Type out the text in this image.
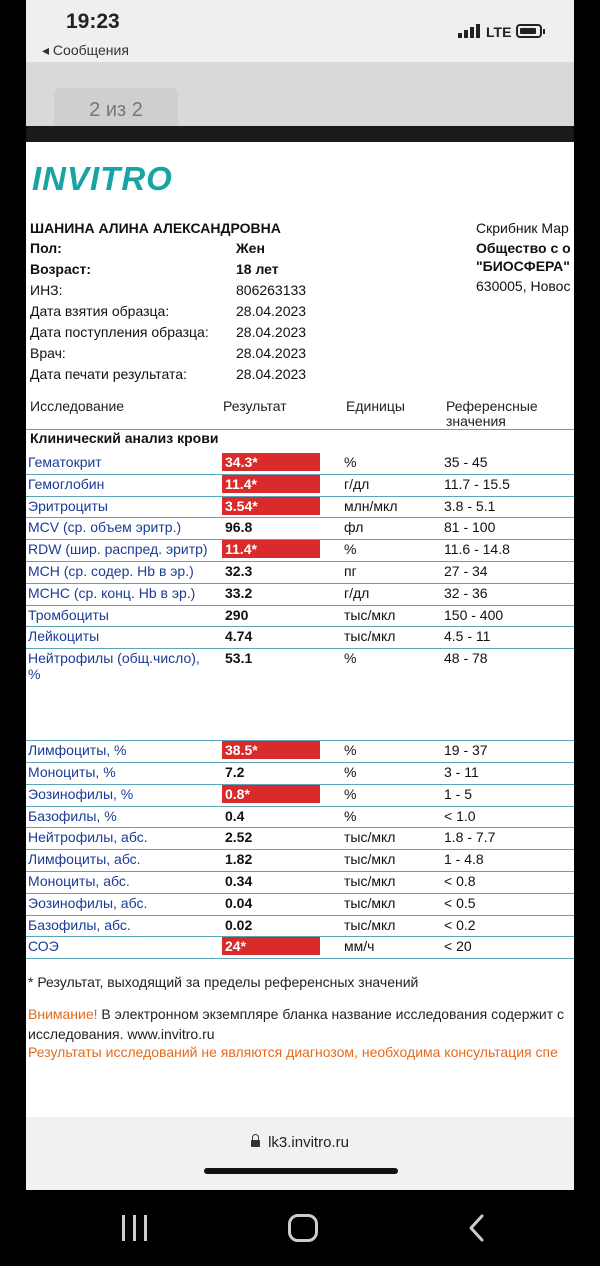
19:23
◂ Сообщения
LTE
2 из 2
INVITRO
ШАНИНА АЛИНА АЛЕКСАНДРОВНА
Пол:	Жен
Возраст:	18 лет
ИНЗ:	806263133
Дата взятия образца:	28.04.2023
Дата поступления образца: 28.04.2023
Врач:	28.04.2023
Дата печати результата:	28.04.2023
Скрибник Мар
Общество с о
"БИОСФЕРА"
630005, Новос
Исследование	Результат	Единицы	Референсные
значения
Клинический анализ крови
Гематокрит	34.3*	%	35 - 45
Гемоглобин	11.4*	г/дл	11.7 - 15.5
Эритроциты	3.54*	млн/мкл	3.8 - 5.1
MCV (ср. объем эритр.)	96.8	фл	81 - 100
RDW (шир. распред. эритр) 11.4*	%	11.6 - 14.8
MCH (ср. содер. Hb в эр.) 32.3	пг	27 - 34
MCHC (ср. конц. Hb в эр.) 33.2	г/дл	32 - 36
Тромбоциты	290	тыс/мкл	150 - 400
Лейкоциты	4.74	тыс/мкл	4.5 - 11
Нейтрофилы (общ.число),
%
53.1	%	48 - 78
Лимфоциты, %	38.5*	%	19 - 37
Моноциты, %	7.2	%	3 - 11
Эозинофилы, %	0.8*	%	1 - 5
Базофилы, %	0.4	%	< 1.0
Нейтрофилы, абс.	2.52	тыс/мкл	1.8 - 7.7
Лимфоциты, абс.	1.82	тыс/мкл	1 - 4.8
Моноциты, абс.	0.34	тыс/мкл	< 0.8
Эозинофилы, абс.	0.04	тыс/мкл	< 0.5
Базофилы, абс.	0.02	тыс/мкл	< 0.2
СОЭ	24*	мм/ч	< 20
* Результат, выходящий за пределы референсных значений
Внимание! В электронном экземпляре бланка название исследования содержит с
исследования. www.invitro.ru
Результаты исследований не являются диагнозом, необходима консультация спе
lk3.invitro.ru
